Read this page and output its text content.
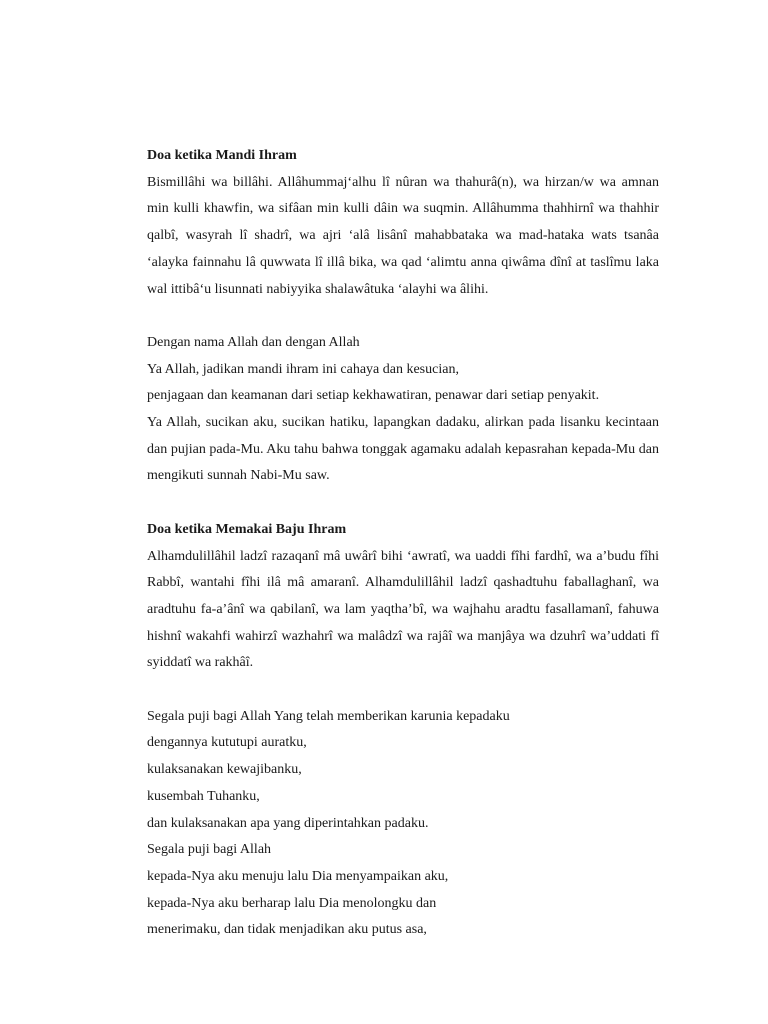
Doa ketika Mandi Ihram

Bismillâhi wa billâhi. Allâhummaj‘alhu lî nûran wa thahurâ(n), wa hirzan/w wa amnan min kulli khawfin, wa sifâan min kulli dâin wa suqmin. Allâhumma thahhirnî wa thahhir qalbî, wasyrah lî shadrî, wa ajri ‘alâ lisânî mahabbataka wa mad-hataka wats tsanâa ‘alayka fainnahu lâ quwwata lî illâ bika, wa qad ‘alimtu anna qiwâma dînî at taslîmu laka wal ittibâ‘u lisunnati nabiyyika shalawâtuka ‘alayhi wa âlihi.

Dengan nama Allah dan dengan Allah

Ya Allah, jadikan mandi ihram ini cahaya dan kesucian,

penjagaan dan keamanan dari setiap kekhawatiran, penawar dari setiap penyakit.

Ya Allah, sucikan aku, sucikan hatiku, lapangkan dadaku, alirkan pada lisanku kecintaan dan pujian pada-Mu. Aku tahu bahwa tonggak agamaku adalah kepasrahan kepada-Mu dan mengikuti sunnah Nabi-Mu saw.

Doa ketika Memakai Baju Ihram

Alhamdulillâhil ladzî razaqanî mâ uwârî bihi ‘awratî, wa uaddi fîhi fardhî, wa a’budu fîhi Rabbî, wantahi fîhi ilâ mâ amaranî. Alhamdulillâhil ladzî qashadtuhu faballaghanî, wa aradtuhu fa-a’ânî wa qabilanî, wa lam yaqtha’bî, wa wajhahu aradtu fasallamanî, fahuwa hishnî wakahfi wahirzî wazhahrî wa malâdzî wa rajâî wa manjâya wa dzuhrî wa’uddati fî syiddatî wa rakhâî.

Segala puji bagi Allah Yang telah memberikan karunia kepadaku

dengannya kututupi auratku,

kulaksanakan kewajibanku,

kusembah Tuhanku,

dan kulaksanakan apa yang diperintahkan padaku.

Segala puji bagi Allah

kepada-Nya aku menuju lalu Dia menyampaikan aku,

kepada-Nya aku berharap lalu Dia menolongku dan

menerimaku, dan tidak menjadikan aku putus asa,
